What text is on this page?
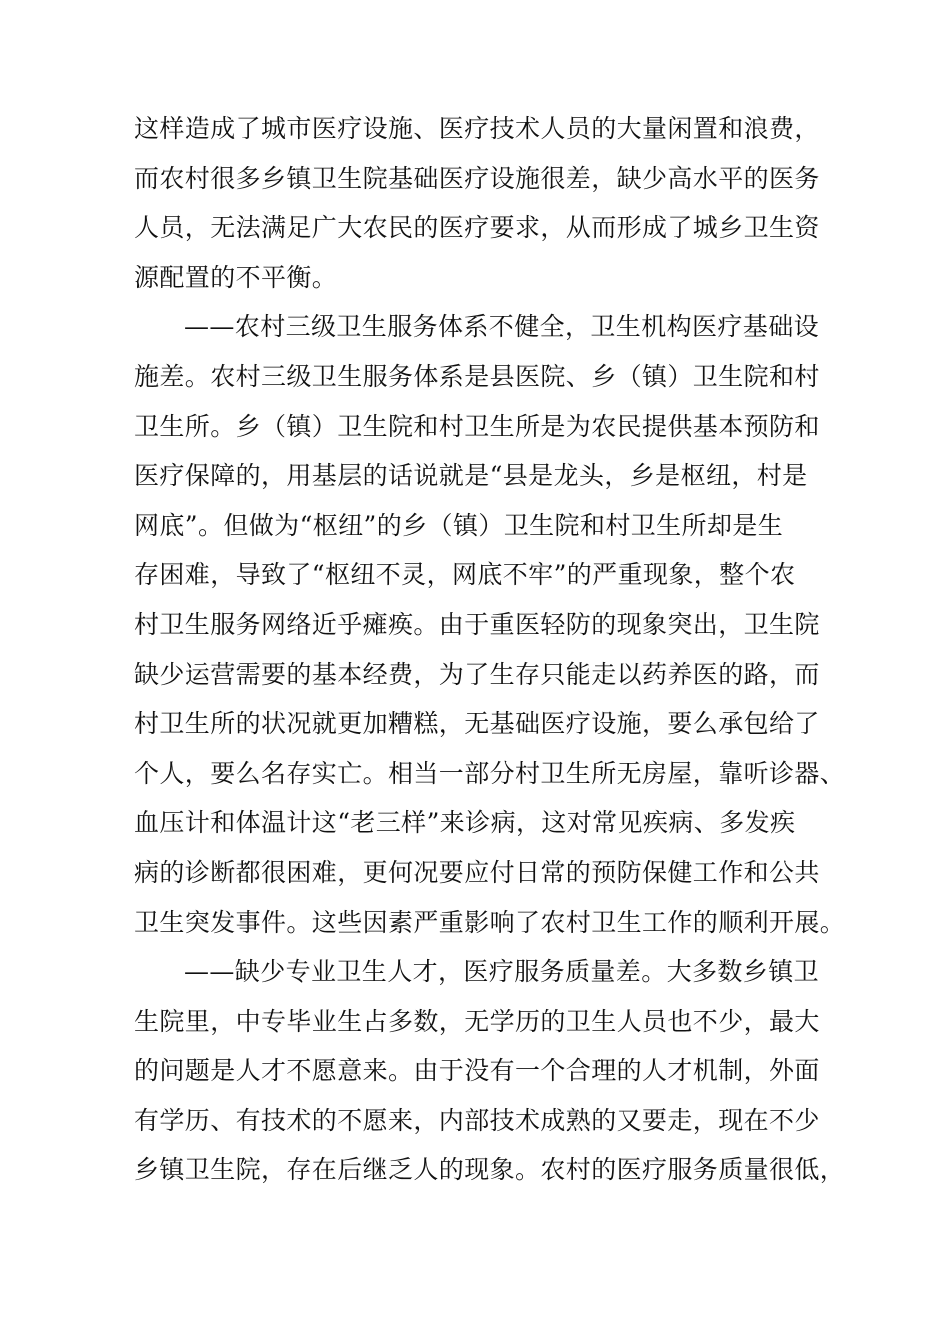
这样造成了城市医疗设施、医疗技术人员的大量闲置和浪费，
而农村很多乡镇卫生院基础医疗设施很差，缺少高水平的医务
人员，无法满足广大农民的医疗要求，从而形成了城乡卫生资
源配置的不平衡。
——农村三级卫生服务体系不健全，卫生机构医疗基础设
施差。农村三级卫生服务体系是县医院、乡（镇）卫生院和村
卫生所。乡（镇）卫生院和村卫生所是为农民提供基本预防和
医疗保障的，用基层的话说就是“县是龙头，乡是枢纽，村是
网底”。但做为“枢纽”的乡（镇）卫生院和村卫生所却是生
存困难，导致了“枢纽不灵，网底不牢”的严重现象，整个农
村卫生服务网络近乎瘫痪。由于重医轻防的现象突出，卫生院
缺少运营需要的基本经费，为了生存只能走以药养医的路，而
村卫生所的状况就更加糟糕，无基础医疗设施，要么承包给了
个人，要么名存实亡。相当一部分村卫生所无房屋，靠听诊器、
血压计和体温计这“老三样”来诊病，这对常见疾病、多发疾
病的诊断都很困难，更何况要应付日常的预防保健工作和公共
卫生突发事件。这些因素严重影响了农村卫生工作的顺利开展。
——缺少专业卫生人才，医疗服务质量差。大多数乡镇卫
生院里，中专毕业生占多数，无学历的卫生人员也不少，最大
的问题是人才不愿意来。由于没有一个合理的人才机制，外面
有学历、有技术的不愿来，内部技术成熟的又要走，现在不少
乡镇卫生院，存在后继乏人的现象。农村的医疗服务质量很低，
